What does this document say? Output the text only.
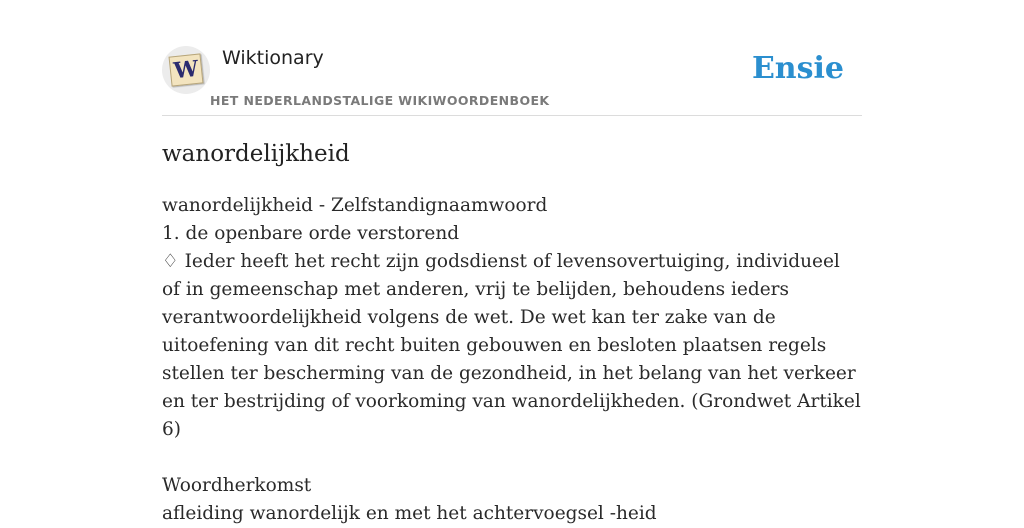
W Wiktionary
HET NEDERLANDSTALIGE WIKIWOORDENBOEK
Ensie
wanordelijkheid

wanordelijkheid - Zelfstandignaamwoord

1. de openbare orde verstorend

♢ Ieder heeft het recht zijn godsdienst of levensovertuiging, individueel of in gemeenschap met anderen, vrij te belijden, behoudens ieders verantwoordelijkheid volgens de wet. De wet kan ter zake van de uitoefening van dit recht buiten gebouwen en besloten plaatsen regels stellen ter bescherming van de gezondheid, in het belang van het verkeer en ter bestrijding of voorkoming van wanordelijkheden. (Grondwet Artikel 6)

Woordherkomst

afleiding wanordelijk en met het achtervoegsel -heid
